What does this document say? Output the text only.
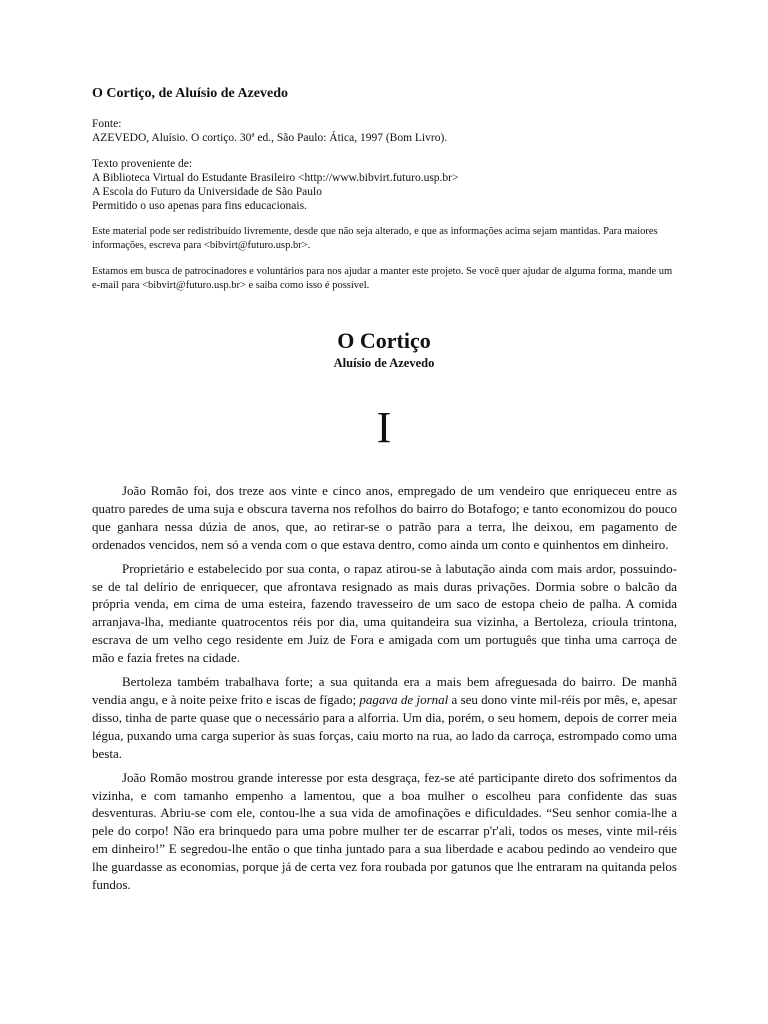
O Cortiço, de Aluísio de Azevedo
Fonte:
AZEVEDO, Aluísio. O cortiço. 30ª ed., São Paulo: Ática, 1997 (Bom Livro).
Texto proveniente de:
A Biblioteca Virtual do Estudante Brasileiro <http://www.bibvirt.futuro.usp.br>
A Escola do Futuro da Universidade de São Paulo
Permitido o uso apenas para fins educacionais.
Este material pode ser redistribuído livremente, desde que não seja alterado, e que as informações acima sejam mantidas. Para maiores informações, escreva para <bibvirt@futuro.usp.br>.
Estamos em busca de patrocinadores e voluntários para nos ajudar a manter este projeto. Se você quer ajudar de alguma forma, mande um e-mail para <bibvirt@futuro.usp.br> e saiba como isso é possível.
O Cortiço
Aluísio de Azevedo
I

João Romão foi, dos treze aos vinte e cinco anos, empregado de um vendeiro que enriqueceu entre as quatro paredes de uma suja e obscura taverna nos refolhos do bairro do Botafogo; e tanto economizou do pouco que ganhara nessa dúzia de anos, que, ao retirar-se o patrão para a terra, lhe deixou, em pagamento de ordenados vencidos, nem só a venda com o que estava dentro, como ainda um conto e quinhentos em dinheiro.

Proprietário e estabelecido por sua conta, o rapaz atirou-se à labutação ainda com mais ardor, possuindo-se de tal delírio de enriquecer, que afrontava resignado as mais duras privações. Dormia sobre o balcão da própria venda, em cima de uma esteira, fazendo travesseiro de um saco de estopa cheio de palha. A comida arranjava-lha, mediante quatrocentos réis por dia, uma quitandeira sua vizinha, a Bertoleza, crioula trintona, escrava de um velho cego residente em Juiz de Fora e amigada com um português que tinha uma carroça de mão e fazia fretes na cidade.

Bertoleza também trabalhava forte; a sua quitanda era a mais bem afreguesada do bairro. De manhã vendia angu, e à noite peixe frito e iscas de fígado; pagava de jornal a seu dono vinte mil-réis por mês, e, apesar disso, tinha de parte quase que o necessário para a alforria. Um dia, porém, o seu homem, depois de correr meia légua, puxando uma carga superior às suas forças, caiu morto na rua, ao lado da carroça, estrompado como uma besta.

João Romão mostrou grande interesse por esta desgraça, fez-se até participante direto dos sofrimentos da vizinha, e com tamanho empenho a lamentou, que a boa mulher o escolheu para confidente das suas desventuras. Abriu-se com ele, contou-lhe a sua vida de amofinações e dificuldades. “Seu senhor comia-lhe a pele do corpo! Não era brinquedo para uma pobre mulher ter de escarrar p'r'ali, todos os meses, vinte mil-réis em dinheiro!” E segredou-lhe então o que tinha juntado para a sua liberdade e acabou pedindo ao vendeiro que lhe guardasse as economias, porque já de certa vez fora roubada por gatunos que lhe entraram na quitanda pelos fundos.
